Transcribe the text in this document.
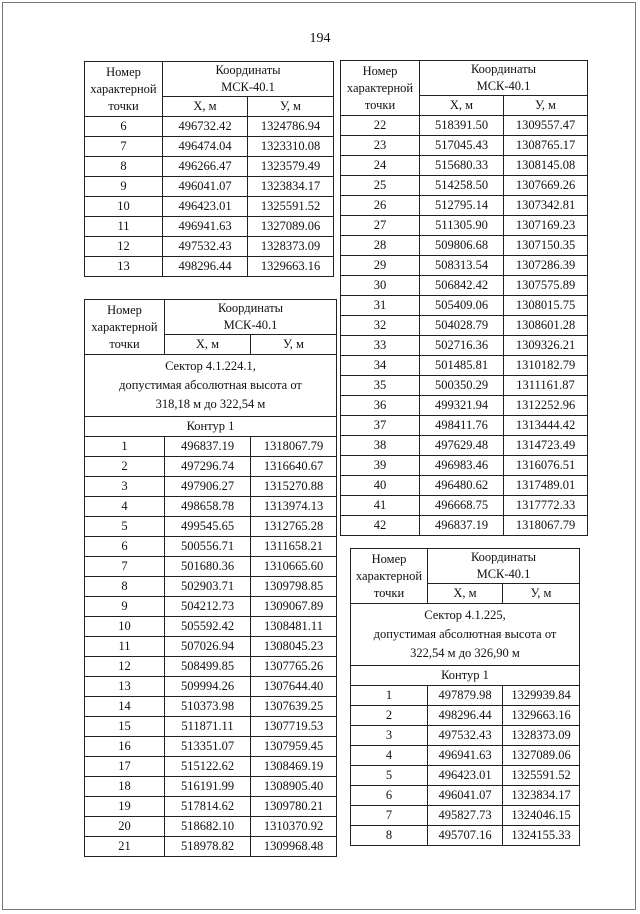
194
Номер
характерной
точки	Координаты
МСК-40.1	

	Х, м	У, м
6	496732.42	1324786.94
7	496474.04	1323310.08
8	496266.47	1323579.49
9	496041.07	1323834.17
10	496423.01	1325591.52
11	496941.63	1327089.06
12	497532.43	1328373.09
13	498296.44	1329663.16
Номер
характерной
точки	Координаты
МСК-40.1	

	Х, м	У, м
Сектор 4.1.224.1,
допустимая абсолютная высота от
318,18 м до 322,54 м		
Контур 1		
1	496837.19	1318067.79
2	497296.74	1316640.67
3	497906.27	1315270.88
4	498658.78	1313974.13
5	499545.65	1312765.28
6	500556.71	1311658.21
7	501680.36	1310665.60
8	502903.71	1309798.85
9	504212.73	1309067.89
10	505592.42	1308481.11
11	507026.94	1308045.23
12	508499.85	1307765.26
13	509994.26	1307644.40
14	510373.98	1307639.25
15	511871.11	1307719.53
16	513351.07	1307959.45
17	515122.62	1308469.19
18	516191.99	1308905.40
19	517814.62	1309780.21
20	518682.10	1310370.92
21	518978.82	1309968.48
Номер
характерной
точки	Координаты
МСК-40.1	

	Х, м	У, м
22	518391.50	1309557.47
23	517045.43	1308765.17
24	515680.33	1308145.08
25	514258.50	1307669.26
26	512795.14	1307342.81
27	511305.90	1307169.23
28	509806.68	1307150.35
29	508313.54	1307286.39
30	506842.42	1307575.89
31	505409.06	1308015.75
32	504028.79	1308601.28
33	502716.36	1309326.21
34	501485.81	1310182.79
35	500350.29	1311161.87
36	499321.94	1312252.96
37	498411.76	1313444.42
38	497629.48	1314723.49
39	496983.46	1316076.51
40	496480.62	1317489.01
41	496668.75	1317772.33
42	496837.19	1318067.79
Номер
характерной
точки	Координаты
МСК-40.1	

	Х, м	У, м
Сектор 4.1.225,
допустимая абсолютная высота от
322,54 м до 326,90 м		
Контур 1		
1	497879.98	1329939.84
2	498296.44	1329663.16
3	497532.43	1328373.09
4	496941.63	1327089.06
5	496423.01	1325591.52
6	496041.07	1323834.17
7	495827.73	1324046.15
8	495707.16	1324155.33
